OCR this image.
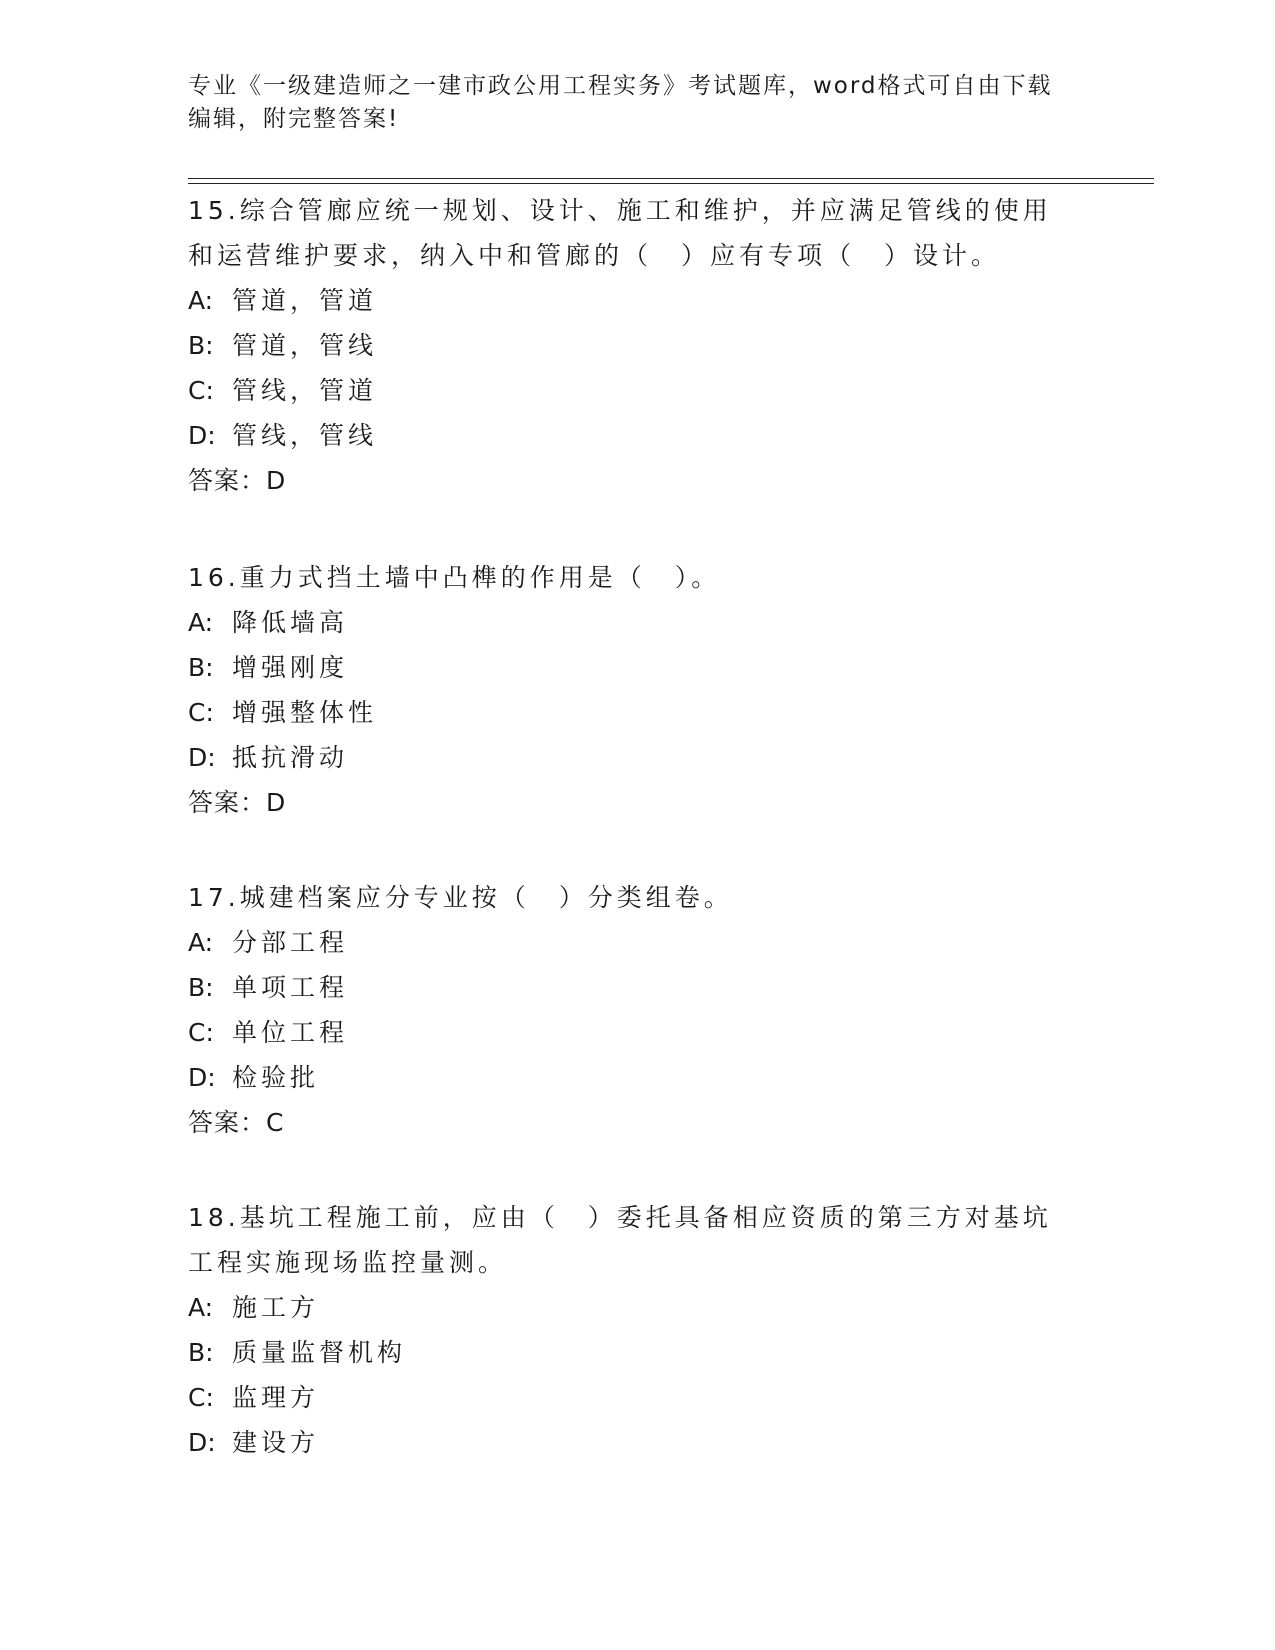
专业《一级建造师之一建市政公用工程实务》考试题库，word格式可自由下载编辑，附完整答案!
15.综合管廊应统一规划、设计、施工和维护，并应满足管线的使用和运营维护要求，纳入中和管廊的（　）应有专项（　）设计。
A: 管道，管道
B: 管道，管线
C: 管线，管道
D: 管线，管线
答案：D
16.重力式挡土墙中凸榫的作用是（　）。
A: 降低墙高
B: 增强刚度
C: 增强整体性
D: 抵抗滑动
答案：D
17.城建档案应分专业按（　）分类组卷。
A: 分部工程
B: 单项工程
C: 单位工程
D: 检验批
答案：C
18.基坑工程施工前，应由（　）委托具备相应资质的第三方对基坑工程实施现场监控量测。
A: 施工方
B: 质量监督机构
C: 监理方
D: 建设方
